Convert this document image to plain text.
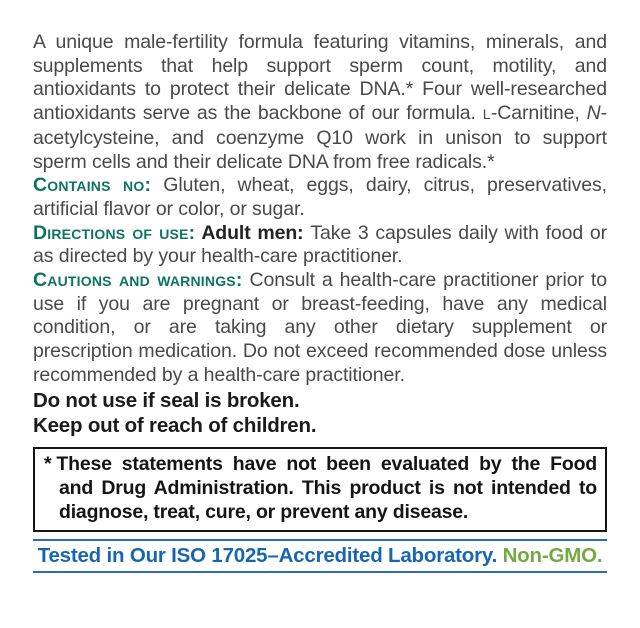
A unique male-fertility formula featuring vitamins, minerals, and supplements that help support sperm count, motility, and antioxidants to protect their delicate DNA.* Four well-researched antioxidants serve as the backbone of our formula. L-Carnitine, N-acetylcysteine, and coenzyme Q10 work in unison to support sperm cells and their delicate DNA from free radicals.*

Contains no: Gluten, wheat, eggs, dairy, citrus, preservatives, artificial flavor or color, or sugar.

Directions of use: Adult men: Take 3 capsules daily with food or as directed by your health-care practitioner.

Cautions and warnings: Consult a health-care practitioner prior to use if you are pregnant or breast-feeding, have any medical condition, or are taking any other dietary supplement or prescription medication. Do not exceed recommended dose unless recommended by a health-care practitioner.

Do not use if seal is broken.

Keep out of reach of children.

* These statements have not been evaluated by the Food and Drug Administration. This product is not intended to diagnose, treat, cure, or prevent any disease.

Tested in Our ISO 17025–Accredited Laboratory. Non-GMO.
